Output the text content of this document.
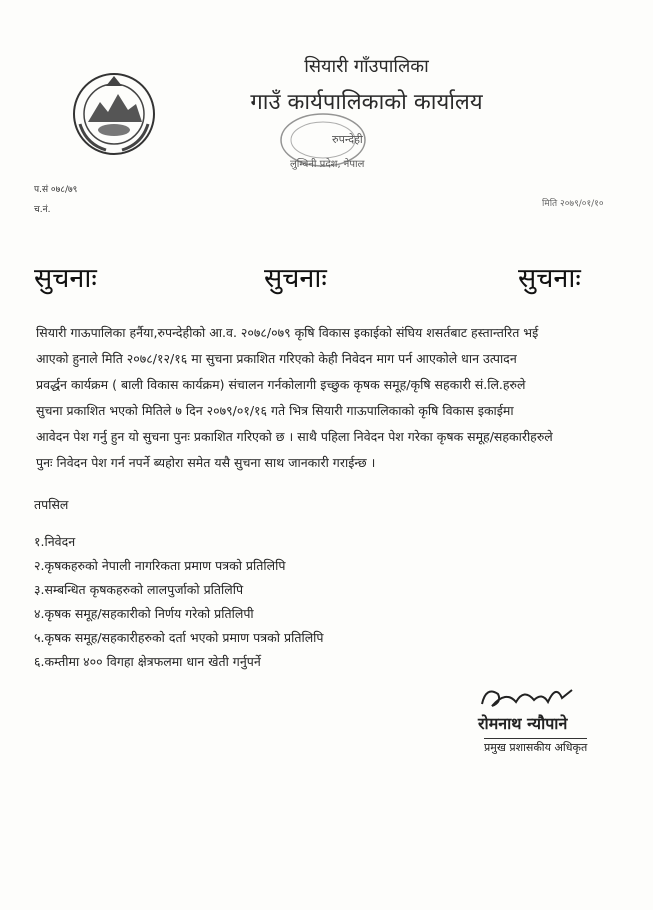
सियारी गाँउपालिका
गाउँ कार्यपालिकाको कार्यालय
रुपन्देही
लुम्बिनी प्रदेश, नेपाल
प.सं ०७८/७९
च.नं.
मिति २०७९/०१/१०
सुचनाः	सुचनाः	सुचनाः
सियारी गाऊपालिका हर्नैया,रुपन्देहीको आ.व. २०७८/०७९ कृषि विकास इकाईको संघिय शसर्तबाट हस्तान्तरित भई
आएको हुनाले मिति २०७८/१२/१६ मा सुचना प्रकाशित गरिएको केही निवेदन माग पर्न आएकोले धान उत्पादन
प्रवर्द्धन कार्यक्रम ( बाली विकास कार्यक्रम) संचालन गर्नकोलागी इच्छुक कृषक समूह/कृषि सहकारी सं.लि.हरुले
सुचना प्रकाशित भएको मितिले ७ दिन २०७९/०१/१६ गते भित्र सियारी गाऊपालिकाको कृषि विकास इकाईमा
आवेदन पेश गर्नु हुन यो सुचना पुनः प्रकाशित गरिएको छ । साथै पहिला निवेदन पेश गरेका कृषक समूह/सहकारीहरुले
पुनः निवेदन पेश गर्न नपर्ने ब्यहोरा समेत यसै सुचना साथ जानकारी गराईन्छ ।
तपसिल
१.निवेदन
२.कृषकहरुको नेपाली नागरिकता प्रमाण पत्रको प्रतिलिपि
३.सम्बन्धित कृषकहरुको लालपुर्जाको प्रतिलिपि
४.कृषक समूह/सहकारीको निर्णय गरेको प्रतिलिपी
५.कृषक समूह/सहकारीहरुको दर्ता भएको प्रमाण पत्रको प्रतिलिपि
६.कम्तीमा ४०० विगहा क्षेत्रफलमा धान खेती गर्नुपर्ने
रोमनाथ न्यौपाने
प्रमुख प्रशासकीय अधिकृत
